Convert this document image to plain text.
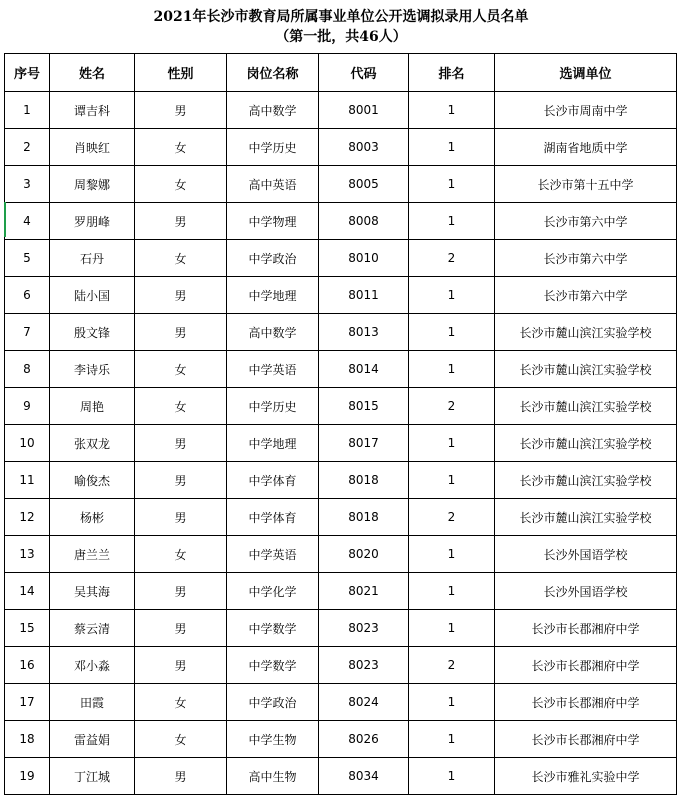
2021年长沙市教育局所属事业单位公开选调拟录用人员名单
（第一批，共46人）
序号	姓名	性别	岗位名称	代码	排名	选调单位
1	谭吉科	男	高中数学	8001	1	长沙市周南中学
2	肖映红	女	中学历史	8003	1	湖南省地质中学
3	周黎娜	女	高中英语	8005	1	长沙市第十五中学
4	罗朋峰	男	中学物理	8008	1	长沙市第六中学
5	石丹	女	中学政治	8010	2	长沙市第六中学
6	陆小国	男	中学地理	8011	1	长沙市第六中学
7	殷文锋	男	高中数学	8013	1	长沙市麓山滨江实验学校
8	李诗乐	女	中学英语	8014	1	长沙市麓山滨江实验学校
9	周艳	女	中学历史	8015	2	长沙市麓山滨江实验学校
10	张双龙	男	中学地理	8017	1	长沙市麓山滨江实验学校
11	喻俊杰	男	中学体育	8018	1	长沙市麓山滨江实验学校
12	杨彬	男	中学体育	8018	2	长沙市麓山滨江实验学校
13	唐兰兰	女	中学英语	8020	1	长沙外国语学校
14	吴其海	男	中学化学	8021	1	长沙外国语学校
15	蔡云清	男	中学数学	8023	1	长沙市长郡湘府中学
16	邓小淼	男	中学数学	8023	2	长沙市长郡湘府中学
17	田霞	女	中学政治	8024	1	长沙市长郡湘府中学
18	雷益娟	女	中学生物	8026	1	长沙市长郡湘府中学
19	丁江城	男	高中生物	8034	1	长沙市雅礼实验中学
